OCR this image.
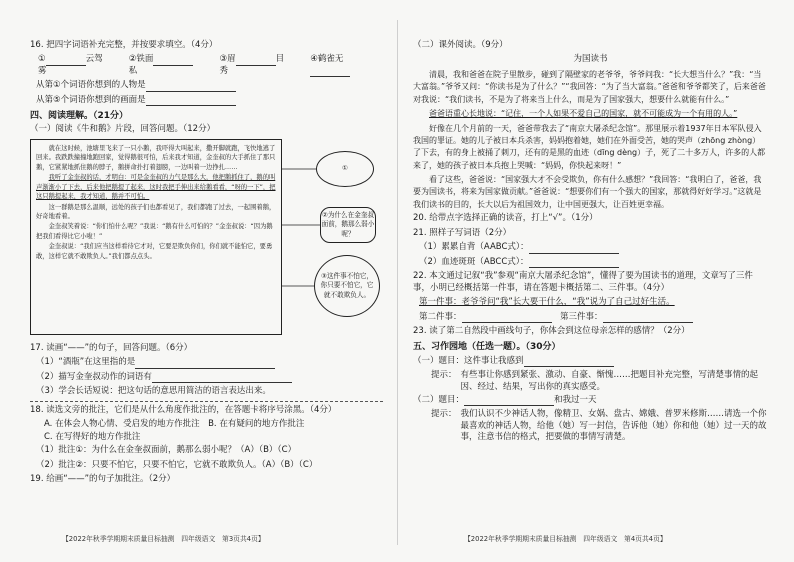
16. 把四字词语补充完整，并按要求填空。（4分）
①	云驾雾
②铁面私
③眉	目秀
④鹤雀无
从第①个词语你想到的人物是
从第⑤个词语你想到的画面是
四、阅读理解。（21分）
（一）阅读《牛和鹅》片段，回答问题。（12分）

就在这时候，池塘里飞来了一只小鹅，我吓得大叫起来，撒开脚就跑，飞快地逃了回来。我跌跌撞撞地跑回家，觉得鹅很可怕，后来我才知道，金奎叔的大手抓住了那只鹅，它紧紧地抓住鹅的脖子，鹅拼命扑打着翅膀，一边叫着一边挣扎……

我听了金奎叔的话，才明白：可是金奎叔的力气是那么大，他把鹅抓住了，鹅的叫声渐渐小了下去，后来他把鹅提了起来，这时我把手伸出来给鹅看看，“呀的一下”，把这只鹅提起来，我才知道，鹅并不可怕。

这一群鹅是那么温顺，远处的孩子们也都看见了，我们都跑了过去，一起围着鹅，好奇地看着。

金奎叔笑着说：“你们怕什么呢？”我说：“鹅有什么可怕的？”金奎叔说：“因为鹅把我们看得比它小啦！”

金奎叔说：“我们应当这样看待它才对，它要是欺负你们，你们就不能怕它，要勇敢，这样它就不敢欺负人。”我们都点点头。

①
②为什么在金奎叔面前，鹅那么弱小呢？
③这件事不怕它，你只要不怕它，它就不敢欺负人。
17. 读画“——”的句子，回答问题。（6分）
（1）“酒瓶”在这里指的是
（2）描写金奎叔动作的词语有
（3）学会长话短说：把这句话的意思用简洁的语言表达出来。
18. 读选文旁的批注，它们是从什么角度作批注的，在答题卡将序号涂黑。（4分）
A. 在体会人物心情、受启发的地方作批注　 B. 在有疑问的地方作批注
C. 在写得好的地方作批注
（1）批注①：为什么在金奎叔面前，鹅那么弱小呢？（A）（B）（C）
（2）批注②：只要不怕它，只要不怕它，它就不敢欺负人。（A）（B）（C）
19. 给画“——”的句子加批注。（2分）
【2022年秋季学期期末质量目标抽测　四年级语文　第3页共4页】
（二）课外阅读。（9分）
为国读书

清晨，我和爸爸在院子里散步，碰到了隔壁家的老爷爷，爷爷问我：“长大想当什么？”我：“当大富翁。”爷爷又问：“你读书是为了什么？”“我回答：“为了当大富翁。”爸爸和爷爷都笑了，后来爸爸对我说：“我们读书，不是为了将来当上什么，而是为了国家强大，想要什么就能有什么。”

爸爸语重心长地说：“记住，一个人如果不爱自己的国家，就不可能成为一个有用的人。”

好像在几个月前的一天，爸爸带我去了“南京大屠杀纪念馆”。那里展示着1937年日本军队侵入我国的罪证。她的儿子被日本兵杀害，妈妈抱着她，她们在外面受苦，她的哭声（zhōng zhòng）了下去，有的身上被捅了刺刀，还有的是黑的血迹（dīng dèng）子，死了二十多万人，许多的人都来了，她的孩子被日本兵抱上哭喊：“妈妈，你快起来呀！”

看了这些，爸爸说：“国家强大才不会受欺负，你有什么感想？”我回答：“我明白了，爸爸，我要为国读书，将来为国家做贡献。”爸爸说：“想要你们有一个强大的国家，那就得好好学习。”这就是我们读书的目的，长大以后为祖国效力，让中国更强大，让百姓更幸福。

20. 给带点字选择正确的读音，打上“√”。（1分）
21. 照样子写词语（2分）
（1）累累自背（AABC式）：
（2）血迹斑斑（ABCC式）：
22. 本文通过记叙“我”参观“南京大屠杀纪念馆”，懂得了要为国读书的道理，文章写了三件事，小明已经概括第一件事，请在答题卡概括第二、三件事。（4分）
第一件事：老爷爷问“我”长大要干什么，“我”说为了自己过好生活。
第二件事：　	第三件事：
23. 读了第二自然段中画线句子，你体会到这位母亲怎样的感情？（2分）
五、习作园地（任选一题）。（30分）
（一）题目：这件事让我感到
提示： 有些事让你感到紧张、激动、自豪、惭愧……把题目补充完整，写清楚事情的起因、经过、结果，写出你的真实感受。
（二）题目：	和我过一天
提示： 我们认识不少神话人物，像精卫、女娲、盘古、嫦娥、普罗米修斯……请选一个你最喜欢的神话人物，给他（她）写一封信，告诉他（她）你和他（她）过一天的故事，注意书信的格式，把要做的事情写清楚。
【2022年秋季学期期末质量目标抽测　四年级语文　第4页共4页】
